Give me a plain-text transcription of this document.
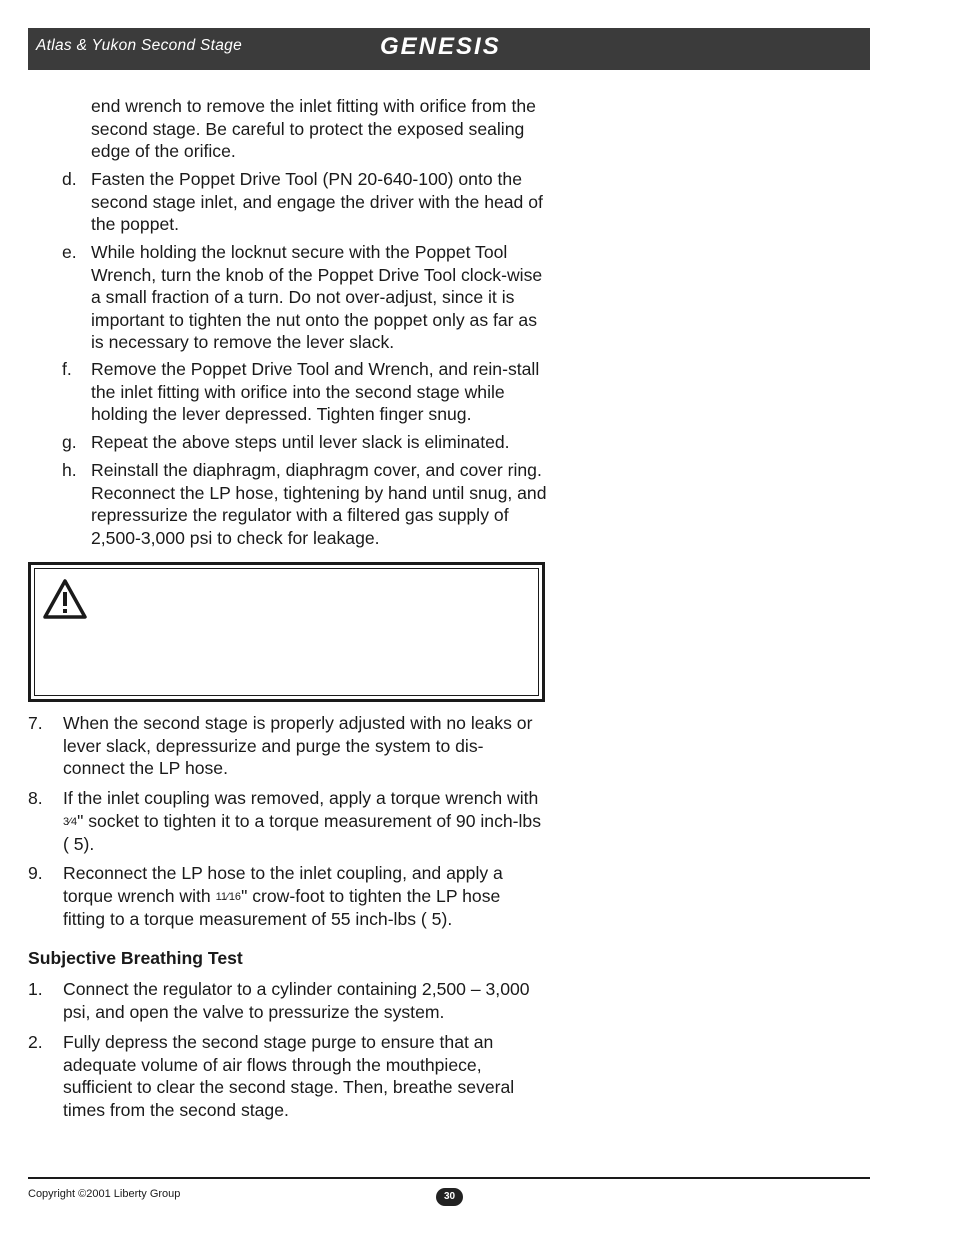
Atlas & Yukon Second Stage	GENESIS
end wrench to remove the inlet fitting with orifice from the second stage. Be careful to protect the exposed sealing edge of the orifice.
d. Fasten the Poppet Drive Tool (PN 20-640-100) onto the second stage inlet, and engage the driver with the head of the poppet.
e. While holding the locknut secure with the Poppet Tool Wrench, turn the knob of the Poppet Drive Tool clock-wise a small fraction of a turn. Do not over-adjust, since it is important to tighten the nut onto the poppet only as far as is necessary to remove the lever slack.
f. Remove the Poppet Drive Tool and Wrench, and rein-stall the inlet fitting with orifice into the second stage while holding the lever depressed. Tighten finger snug.
g. Repeat the above steps until lever slack is eliminated.
h. Reinstall the diaphragm, diaphragm cover, and cover ring. Reconnect the LP hose, tightening by hand until snug, and repressurize the regulator with a filtered gas supply of 2,500-3,000 psi to check for leakage.
7. When the second stage is properly adjusted with no leaks or lever slack, depressurize and purge the system to dis-connect the LP hose.
8. If the inlet coupling was removed, apply a torque wrench with 3⁄4" socket to tighten it to a torque measurement of 90 inch-lbs ( 5).
9. Reconnect the LP hose to the inlet coupling, and apply a torque wrench with 11⁄16" crow-foot to tighten the LP hose fitting to a torque measurement of 55 inch-lbs ( 5).
Subjective Breathing Test
1. Connect the regulator to a cylinder containing 2,500 – 3,000 psi, and open the valve to pressurize the system.
2. Fully depress the second stage purge to ensure that an adequate volume of air flows through the mouthpiece, sufficient to clear the second stage. Then, breathe several times from the second stage.
Copyright ©2001 Liberty Group	30
